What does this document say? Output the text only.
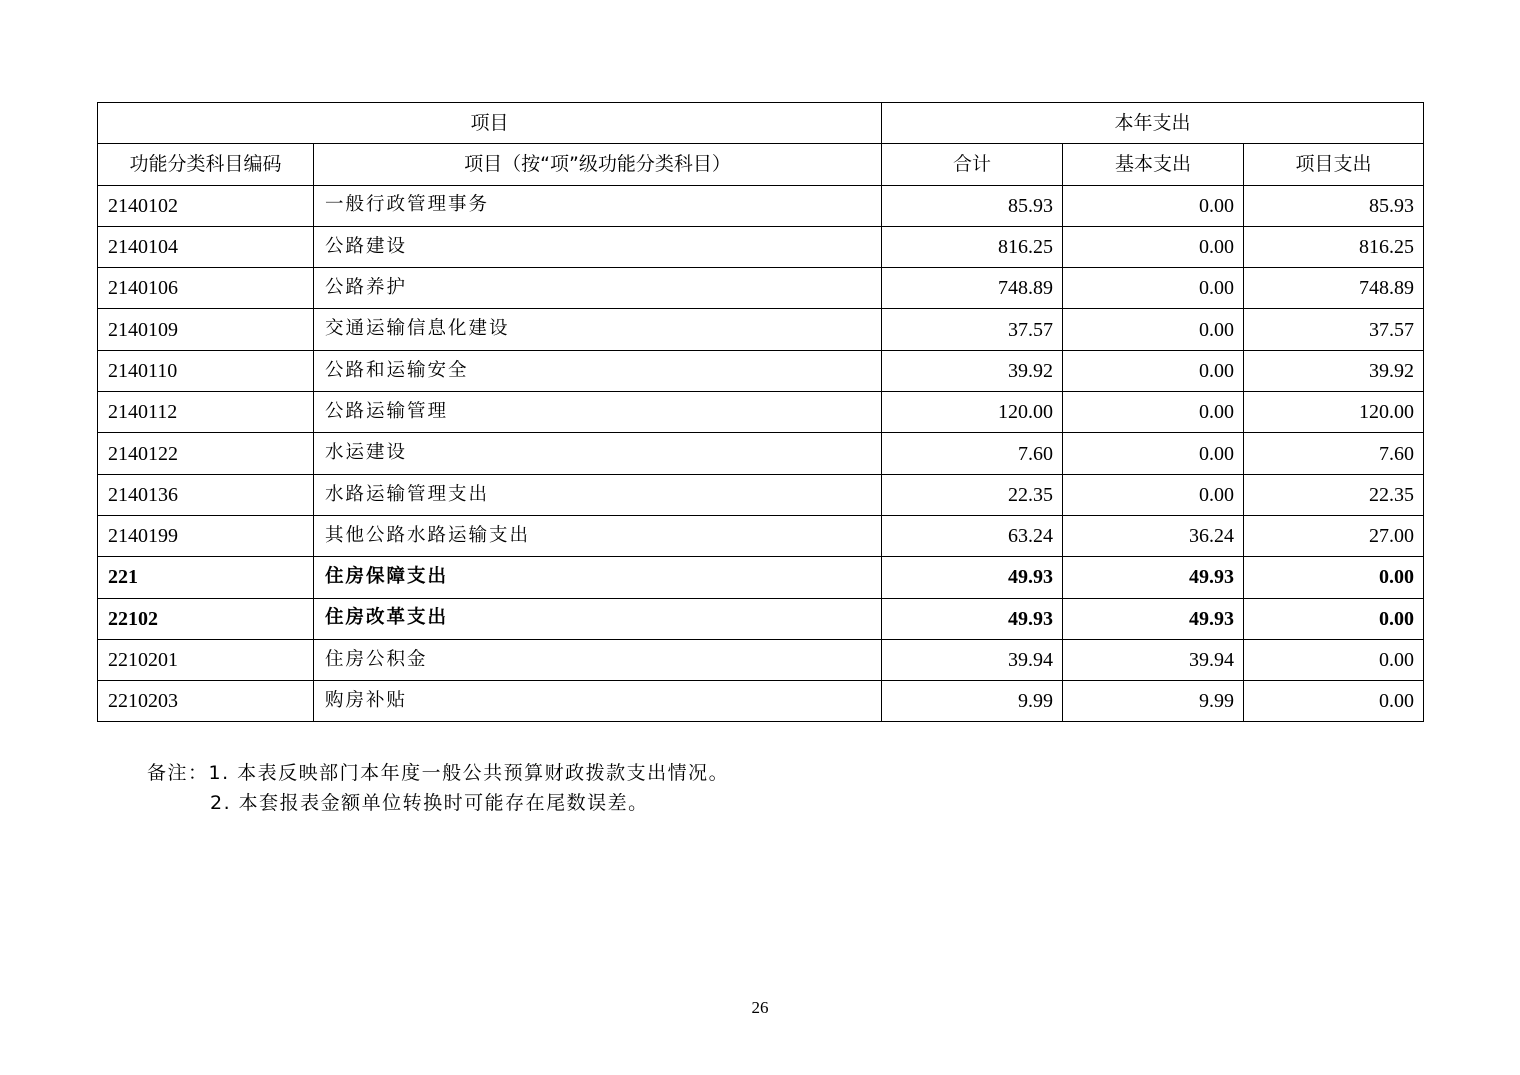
项目		本年支出		
功能分类科目编码	项目（按“项”级功能分类科目）	合计	基本支出	项目支出
2140102	一般行政管理事务	85.93	0.00	85.93
2140104	公路建设	816.25	0.00	816.25
2140106	公路养护	748.89	0.00	748.89
2140109	交通运输信息化建设	37.57	0.00	37.57
2140110	公路和运输安全	39.92	0.00	39.92
2140112	公路运输管理	120.00	0.00	120.00
2140122	水运建设	7.60	0.00	7.60
2140136	水路运输管理支出	22.35	0.00	22.35
2140199	其他公路水路运输支出	63.24	36.24	27.00
221	住房保障支出	49.93	49.93	0.00
22102	住房改革支出	49.93	49.93	0.00
2210201	住房公积金	39.94	39.94	0.00
2210203	购房补贴	9.99	9.99	0.00
备注：1. 本表反映部门本年度一般公共预算财政拨款支出情况。
2. 本套报表金额单位转换时可能存在尾数误差。
26
